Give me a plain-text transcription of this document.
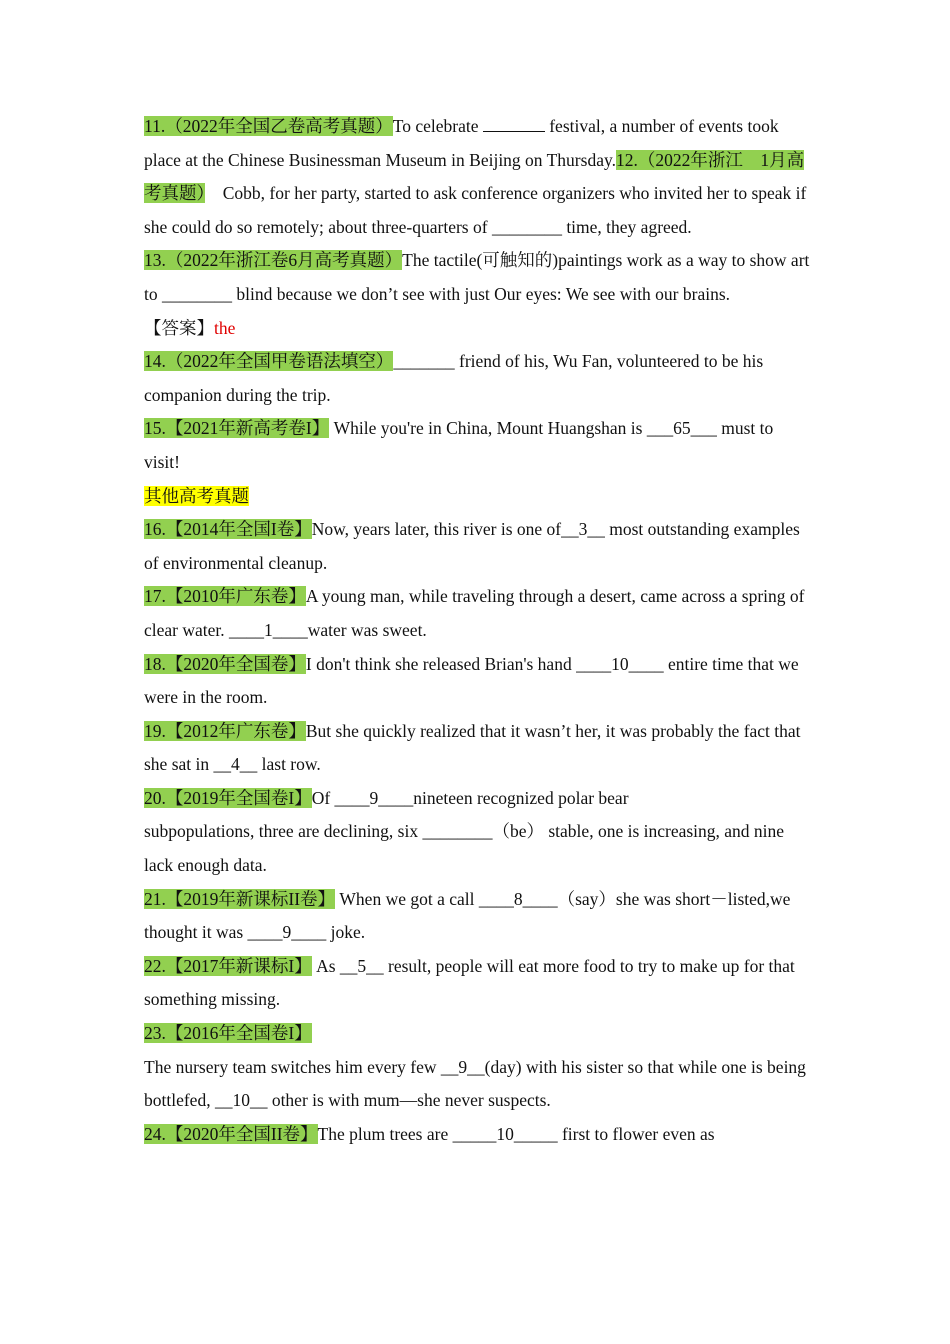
11.（2022年全国乙卷高考真题）To celebrate	festival, a number of events took place at the Chinese Businessman Museum in Beijing on Thursday.12.（2022年浙江　1月高考真题）　Cobb, for her party, started to ask conference organizers who invited her to speak if she could do so remotely; about three-quarters of ________ time, they agreed.

13.（2022年浙江卷6月高考真题）The tactile(可触知的)paintings work as a way to show art to ________ blind because we don’t see with just Our eyes: We see with our brains.

【答案】the

14.（2022年全国甲卷语法填空）_______ friend of his, Wu Fan, volunteered to be his companion during the trip.

15.【2021年新高考卷I】 While you're in China, Mount Huangshan is ___65___ must to visit!

其他高考真题

16.【2014年全国I卷】Now, years later, this river is one of__3__ most outstanding examples of environmental cleanup.

17.【2010年广东卷】A young man, while traveling through a desert, came across a spring of clear water. ____1____water was sweet.

18.【2020年全国卷】I don't think she released Brian's hand ____10____ entire time that we were in the room.

19.【2012年广东卷】But she quickly realized that it wasn’t her, it was probably the fact that she sat in __4__ last row.

20.【2019年全国卷I】Of ____9____nineteen recognized polar bear

subpopulations, three are declining, six ________（be） stable, one is increasing, and nine lack enough data.

21.【2019年新课标II卷】 When we got a call ____8____（say）she was short－listed,we thought it was ____9____ joke.

22.【2017年新课标I】 As __5__ result, people will eat more food to try to make up for that something missing.

23.【2016年全国卷I】

The nursery team switches him every few __9__(day) with his sister so that while one is being bottlefed, __10__ other is with mum—she never suspects.

24.【2020年全国II卷】The plum trees are _____10_____ first to flower even as
